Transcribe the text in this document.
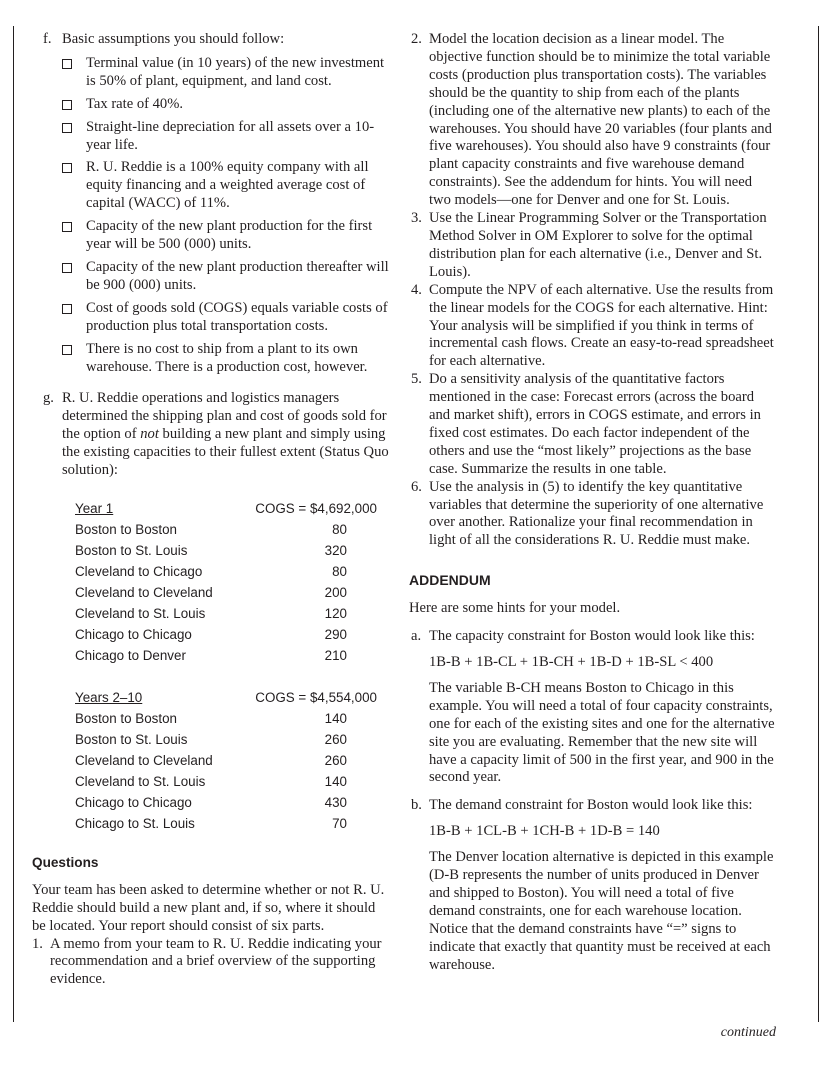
f. Basic assumptions you should follow:

Terminal value (in 10 years) of the new investment is 50% of plant, equipment, and land cost.
Tax rate of 40%.
Straight-line depreciation for all assets over a 10-year life.
R. U. Reddie is a 100% equity company with all equity financing and a weighted average cost of capital (WACC) of 11%.
Capacity of the new plant production for the first year will be 500 (000) units.
Capacity of the new plant production thereafter will be 900 (000) units.
Cost of goods sold (COGS) equals variable costs of production plus total transportation costs.
There is no cost to ship from a plant to its own warehouse. There is a production cost, however.
g. R. U. Reddie operations and logistics managers determined the shipping plan and cost of goods sold for the option of not building a new plant and simply using the existing capacities to their fullest extent (Status Quo solution):

Year 1	COGS = $4,692,000
Boston to Boston	80
Boston to St. Louis	320
Cleveland to Chicago	80
Cleveland to Cleveland	200
Cleveland to St. Louis	120
Chicago to Chicago	290
Chicago to Denver	210
Years 2–10	COGS = $4,554,000
Boston to Boston	140
Boston to St. Louis	260
Cleveland to Cleveland	260
Cleveland to St. Louis	140
Chicago to Chicago	430
Chicago to St. Louis	70

Questions

Your team has been asked to determine whether or not R. U. Reddie should build a new plant and, if so, where it should be located. Your report should consist of six parts.

1. A memo from your team to R. U. Reddie indicating your recommendation and a brief overview of the supporting evidence.

2. Model the location decision as a linear model. The objective function should be to minimize the total variable costs (production plus transportation costs). The variables should be the quantity to ship from each of the plants (including one of the alternative new plants) to each of the warehouses. You should have 20 variables (four plants and five warehouses). You should also have 9 constraints (four plant capacity constraints and five warehouse demand constraints). See the addendum for hints. You will need two models—one for Denver and one for St. Louis.

3. Use the Linear Programming Solver or the Transportation Method Solver in OM Explorer to solve for the optimal distribution plan for each alternative (i.e., Denver and St. Louis).

4. Compute the NPV of each alternative. Use the results from the linear models for the COGS for each alternative. Hint: Your analysis will be simplified if you think in terms of incremental cash flows. Create an easy-to-read spreadsheet for each alternative.

5. Do a sensitivity analysis of the quantitative factors mentioned in the case: Forecast errors (across the board and market shift), errors in COGS estimate, and errors in fixed cost estimates. Do each factor independent of the others and use the “most likely” projections as the base case. Summarize the results in one table.

6. Use the analysis in (5) to identify the key quantitative variables that determine the superiority of one alternative over another. Rationalize your final recommendation in light of all the considerations R. U. Reddie must make.

ADDENDUM

Here are some hints for your model.

a. The capacity constraint for Boston would look like this:

1B-B + 1B-CL + 1B-CH + 1B-D + 1B-SL < 400

The variable B-CH means Boston to Chicago in this example. You will need a total of four capacity constraints, one for each of the existing sites and one for the alternative site you are evaluating. Remember that the new site will have a capacity limit of 500 in the first year, and 900 in the second year.

b. The demand constraint for Boston would look like this:

1B-B + 1CL-B + 1CH-B + 1D-B = 140

The Denver location alternative is depicted in this example (D-B represents the number of units produced in Denver and shipped to Boston). You will need a total of five demand constraints, one for each warehouse location. Notice that the demand constraints have “=” signs to indicate that exactly that quantity must be received at each warehouse.

continued
